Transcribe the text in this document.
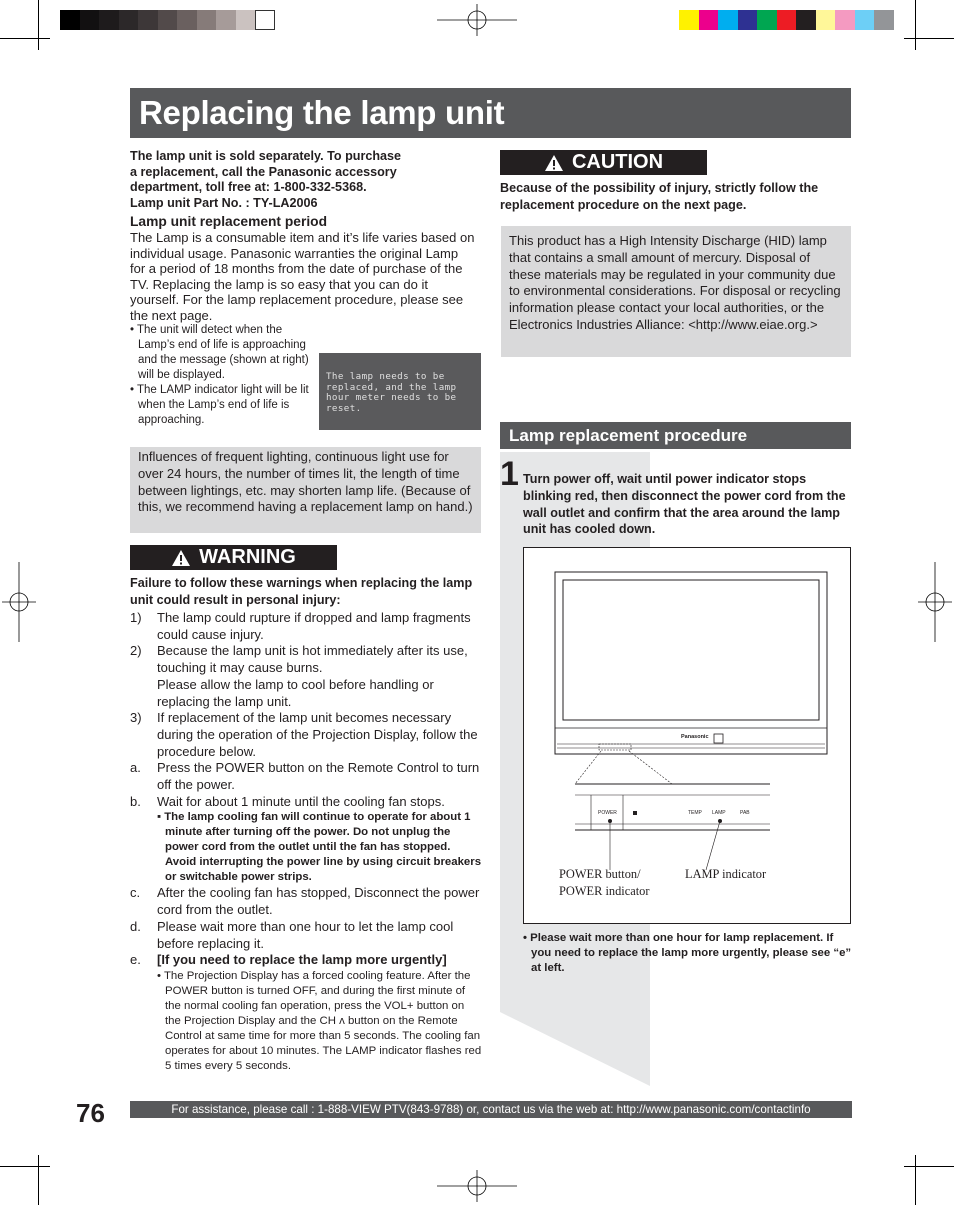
Replacing the lamp unit
The lamp unit is sold separately. To purchase
a replacement, call the Panasonic accessory
department, toll free at: 1-800-332-5368.
Lamp unit Part No. : TY-LA2006
Lamp unit replacement period
The Lamp is a consumable item and it’s life varies based on individual usage. Panasonic warranties the original Lamp for a period of 18 months from the date of purchase of the TV. Replacing the lamp is so easy that you can do it yourself. For the lamp replacement procedure, please see the next page.
• The unit will detect when the Lamp’s end of life is approaching and the message (shown at right) will be displayed.
• The LAMP indicator light will be lit when the Lamp’s end of life is approaching.

The lamp needs to be replaced, and the lamp hour meter needs to be reset.

Influences of frequent lighting, continuous light use for over 24 hours, the number of times lit, the length of time between lightings, etc. may shorten lamp life. (Because of this, we recommend having a replacement lamp on hand.)
WARNING
Failure to follow these warnings when replacing the lamp unit could result in personal injury:
1)	The lamp could rupture if dropped and lamp fragments could cause injury.
2)	Because the lamp unit is hot immediately after its use, touching it may cause burns.
Please allow the lamp to cool before handling or replacing the lamp unit.
3)	If replacement of the lamp unit becomes necessary during the operation of the Projection Display, follow the procedure below.
a.	Press the POWER button on the Remote Control to turn off the power.
b.	Wait for about 1 minute until the cooling fan stops.
▪ The lamp cooling fan will continue to operate for about 1 minute after turning off the power. Do not unplug the power cord from the outlet until the fan has stopped. Avoid interrupting the power line by using circuit breakers or switchable power strips.
c.	After the cooling fan has stopped, Disconnect the power cord from the outlet.
d.	Please wait more than one hour to let the lamp cool before replacing it.
e.	[If you need to replace the lamp more urgently]
• The Projection Display has a forced cooling feature. After the POWER button is turned OFF, and during the first minute of the normal cooling fan operation, press the VOL+ button on the Projection Display and the CH ʌ button on the Remote Control at same time for more than 5 seconds. The cooling fan operates for about 10 minutes. The LAMP indicator flashes red 5 times every 5 seconds.
CAUTION
Because of the possibility of injury, strictly follow the replacement procedure on the next page.
This product has a High Intensity Discharge (HID) lamp that contains a small amount of mercury. Disposal of these materials may be regulated in your community due to environmental considerations. For disposal or recycling information please contact your local authorities, or the Electronics Industries Alliance: <http://www.eiae.org.>
Lamp replacement procedure
1 Turn power off, wait until power indicator stops blinking red, then disconnect the power cord from the wall outlet and confirm that the area around the lamp unit has cooled down.
Panasonic
POWER	TEMP LAMP	PAB
POWER button/
POWER indicator
LAMP indicator
• Please wait more than one hour for lamp replacement. If you need to replace the lamp more urgently, please see “e” at left.
76	For assistance, please call : 1-888-VIEW PTV(843-9788) or, contact us via the web at: http://www.panasonic.com/contactinfo
